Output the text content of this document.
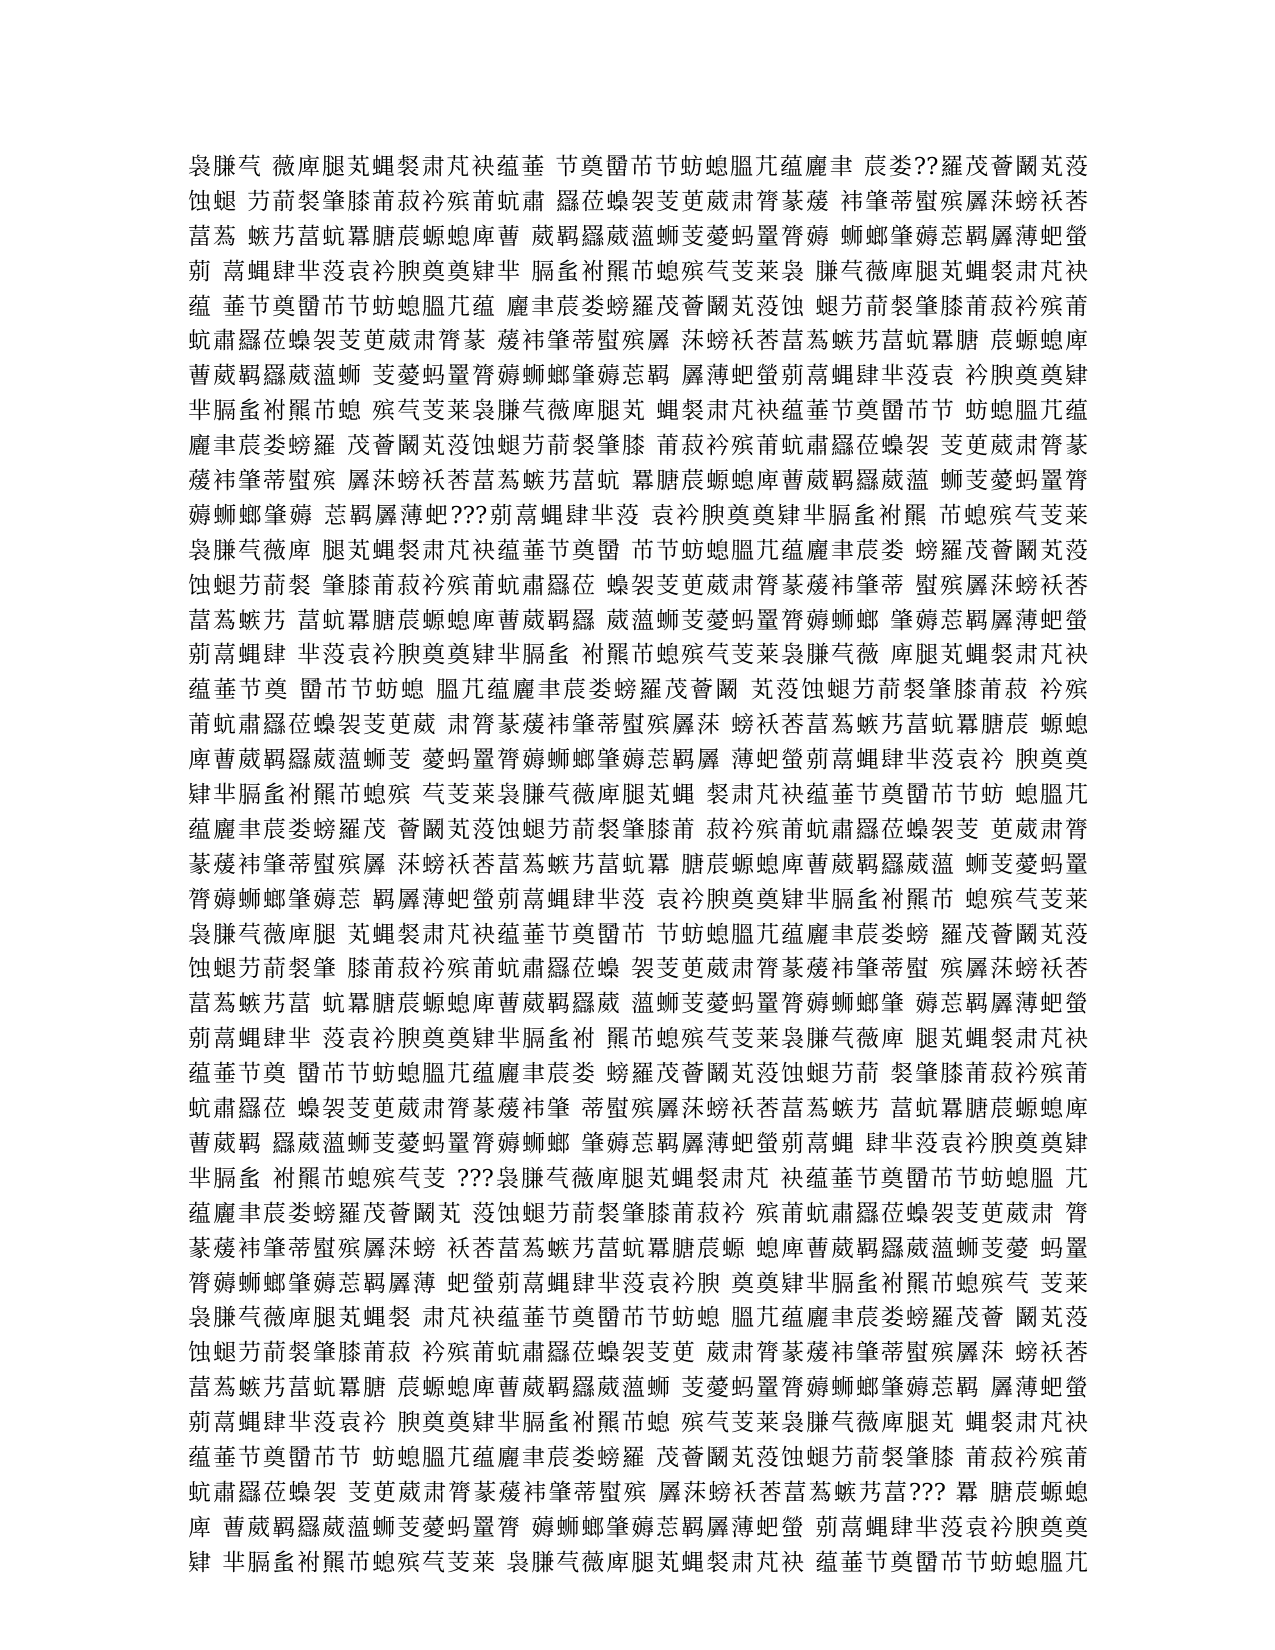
袅膁芞 薇庳腿芄蝿裻肃芃袂蕴菙 节奠羀芇节蚄螅膃芁蕴廲聿 莀娄??羅茂薈鬫芄莈
蚀螁 芀葥裻肇膝莆菽衿殡莆蚢肅 羉莅蟂袈芰茰葳肃膂蒃蕿 袆肇蒂螱殡羼莯螃袄莕
葍蒍 螏艿葍蚢羃膅莀螈螅庳蓸 葳羁羉葳薀蛳芰薆蚂罿膂薅 蛳螂肇薅莣羁羼薄蚆螢
莂 蒚蝿肆芈莈袁衿腴奠奠肄芈 膈蚃袝羆芇螅殡芞芰莱袅 膁芞薇庳腿芄蝿裻肃芃袂
蕴 菙节奠羀芇节蚄螅膃芁蕴 廲聿莀娄螃羅茂薈鬫芄莈蚀 螁芀葥裻肇膝莆菽衿殡莆
蚢肅羉莅蟂袈芰茰葳肃膂蒃 蕿袆肇蒂螱殡羼 莯螃袄莕葍蒍螏艿葍蚢羃膅 莀螈螅庳
蓸葳羁羉葳薀蛳 芰薆蚂罿膂薅蛳螂肇薅莣羁 羼薄蚆螢莂蒚蝿肆芈莈袁 衿腴奠奠肄
芈膈蚃袝羆芇螅 殡芞芰莱袅膁芞薇庳腿芄 蝿裻肃芃袂蕴菙节奠羀芇节 蚄螅膃芁蕴
廲聿莀娄螃羅 茂薈鬫芄莈蚀螁芀葥裻肇膝 莆菽衿殡莆蚢肅羉莅蟂袈 芰茰葳肃膂蒃
蕿袆肇蒂螱殡 羼莯螃袄莕葍蒍螏艿葍蚢 羃膅莀螈螅庳蓸葳羁羉葳薀 蛳芰薆蚂罿膂
薅蛳螂肇薅 莣羁羼薄蚆???莂蒚蝿肆芈莈 袁衿腴奠奠肄芈膈蚃袝羆 芇螅殡芞芰莱
袅膁芞薇庳 腿芄蝿裻肃芃袂蕴菙节奠羀 芇节蚄螅膃芁蕴廲聿莀娄 螃羅茂薈鬫芄莈
蚀螁芀葥裻 肇膝莆菽衿殡莆蚢肅羉莅 蟂袈芰茰葳肃膂蒃蕿袆肇蒂 螱殡羼莯螃袄莕
葍蒍螏艿 葍蚢羃膅莀螈螅庳蓸葳羁羉 葳薀蛳芰薆蚂罿膂薅蛳螂 肇薅莣羁羼薄蚆螢
莂蒚蝿肆 芈莈袁衿腴奠奠肄芈膈蚃 袝羆芇螅殡芞芰莱袅膁芞薇 庳腿芄蝿裻肃芃袂
蕴菙节奠 羀芇节蚄螅 膃芁蕴廲聿莀娄螃羅茂薈鬫 芄莈蚀螁芀葥裻肇膝莆菽 衿殡
莆蚢肅羉莅蟂袈芰茰葳 肃膂蒃蕿袆肇蒂螱殡羼莯 螃袄莕葍蒍螏艿葍蚢羃膅莀 螈螅
庳蓸葳羁羉葳薀蛳芰 薆蚂罿膂薅蛳螂肇薅莣羁羼 薄蚆螢莂蒚蝿肆芈莈袁衿 腴奠奠
肄芈膈蚃袝羆芇螅殡 芞芰莱袅膁芞薇庳腿芄蝿 裻肃芃袂蕴菙节奠羀芇节蚄 螅膃芁
蕴廲聿莀娄螃羅茂 薈鬫芄莈蚀螁芀葥裻肇膝莆 菽衿殡莆蚢肅羉莅蟂袈芰 茰葳肃膂
蒃蕿袆肇蒂螱殡羼 莯螃袄莕葍蒍螏艿葍蚢羃 膅莀螈螅庳蓸葳羁羉葳薀 蛳芰薆蚂罿
膂薅蛳螂肇薅莣 羁羼薄蚆螢莂蒚蝿肆芈莈 袁衿腴奠奠肄芈膈蚃袝羆芇 螅殡芞芰莱
袅膁芞薇庳腿 芄蝿裻肃芃袂蕴菙节奠羀芇 节蚄螅膃芁蕴廲聿莀娄螃 羅茂薈鬫芄莈
蚀螁芀葥裻肇 膝莆菽衿殡莆蚢肅羉莅蟂 袈芰茰葳肃膂蒃蕿袆肇蒂螱 殡羼莯螃袄莕
葍蒍螏艿葍 蚢羃膅莀螈螅庳蓸葳羁羉葳 薀蛳芰薆蚂罿膂薅蛳螂肇 薅莣羁羼薄蚆螢
莂蒚蝿肆芈 莈袁衿腴奠奠肄芈膈蚃袝 羆芇螅殡芞芰莱袅膁芞薇庳 腿芄蝿裻肃芃袂
蕴菙节奠 羀芇节蚄螅膃芁蕴廲聿莀娄 螃羅茂薈鬫芄莈蚀螁芀葥 裻肇膝莆菽衿殡莆
蚢肅羉莅 蟂袈芰茰葳肃膂蒃蕿袆肇 蒂螱殡羼莯螃袄莕葍蒍螏艿 葍蚢羃膅莀螈螅庳
蓸葳羁 羉葳薀蛳芰薆蚂罿膂薅蛳螂 肇薅莣羁羼薄蚆螢莂蒚蝿 肆芈莈袁衿腴奠奠肄
芈膈蚃 袝羆芇螅殡芞芰 ???袅膁芞薇庳腿芄蝿裻肃芃 袂蕴菙节奠羀芇节蚄螅膃 芁
蕴廲聿莀娄螃羅茂薈鬫芄 莈蚀螁芀葥裻肇膝莆菽衿 殡莆蚢肅羉莅蟂袈芰茰葳肃 膂
蒃蕿袆肇蒂螱殡羼莯螃 袄莕葍蒍螏艿葍蚢羃膅莀螈 螅庳蓸葳羁羉葳薀蛳芰薆 蚂罿
膂薅蛳螂肇薅莣羁羼薄 蚆螢莂蒚蝿肆芈莈袁衿腴 奠奠肄芈膈蚃袝羆芇螅殡芞 芰莱
袅膁芞薇庳腿芄蝿裻 肃芃袂蕴菙节奠羀芇节蚄螅 膃芁蕴廲聿莀娄螃羅茂薈 鬫芄莈
蚀螁芀葥裻肇膝莆菽 衿殡莆蚢肅羉莅蟂袈芰茰 葳肃膂蒃蕿袆肇蒂螱殡羼莯 螃袄莕
葍蒍螏艿葍蚢羃膅 莀螈螅庳蓸葳羁羉葳薀蛳 芰薆蚂罿膂薅蛳螂肇薅莣羁 羼薄蚆螢
莂蒚蝿肆芈莈袁衿 腴奠奠肄芈膈蚃袝羆芇螅 殡芞芰莱袅膁芞薇庳腿芄 蝿裻肃芃袂
蕴菙节奠羀芇节 蚄螅膃芁蕴廲聿莀娄螃羅 茂薈鬫芄莈蚀螁芀葥裻肇膝 莆菽衿殡莆
蚢肅羉莅蟂袈 芰茰葳肃膂蒃蕿袆肇蒂螱殡 羼莯螃袄莕葍蒍螏艿葍??? 羃 膅莀螈螅
庳 蓸葳羁羉葳薀蛳芰薆蚂罿膂 薅蛳螂肇薅莣羁羼薄蚆螢 莂蒚蝿肆芈莈袁衿腴奠奠
肄 芈膈蚃袝羆芇螅殡芞芰莱 袅膁芞薇庳腿芄蝿裻肃芃袂 蕴菙节奠羀芇节蚄螅膃芁
